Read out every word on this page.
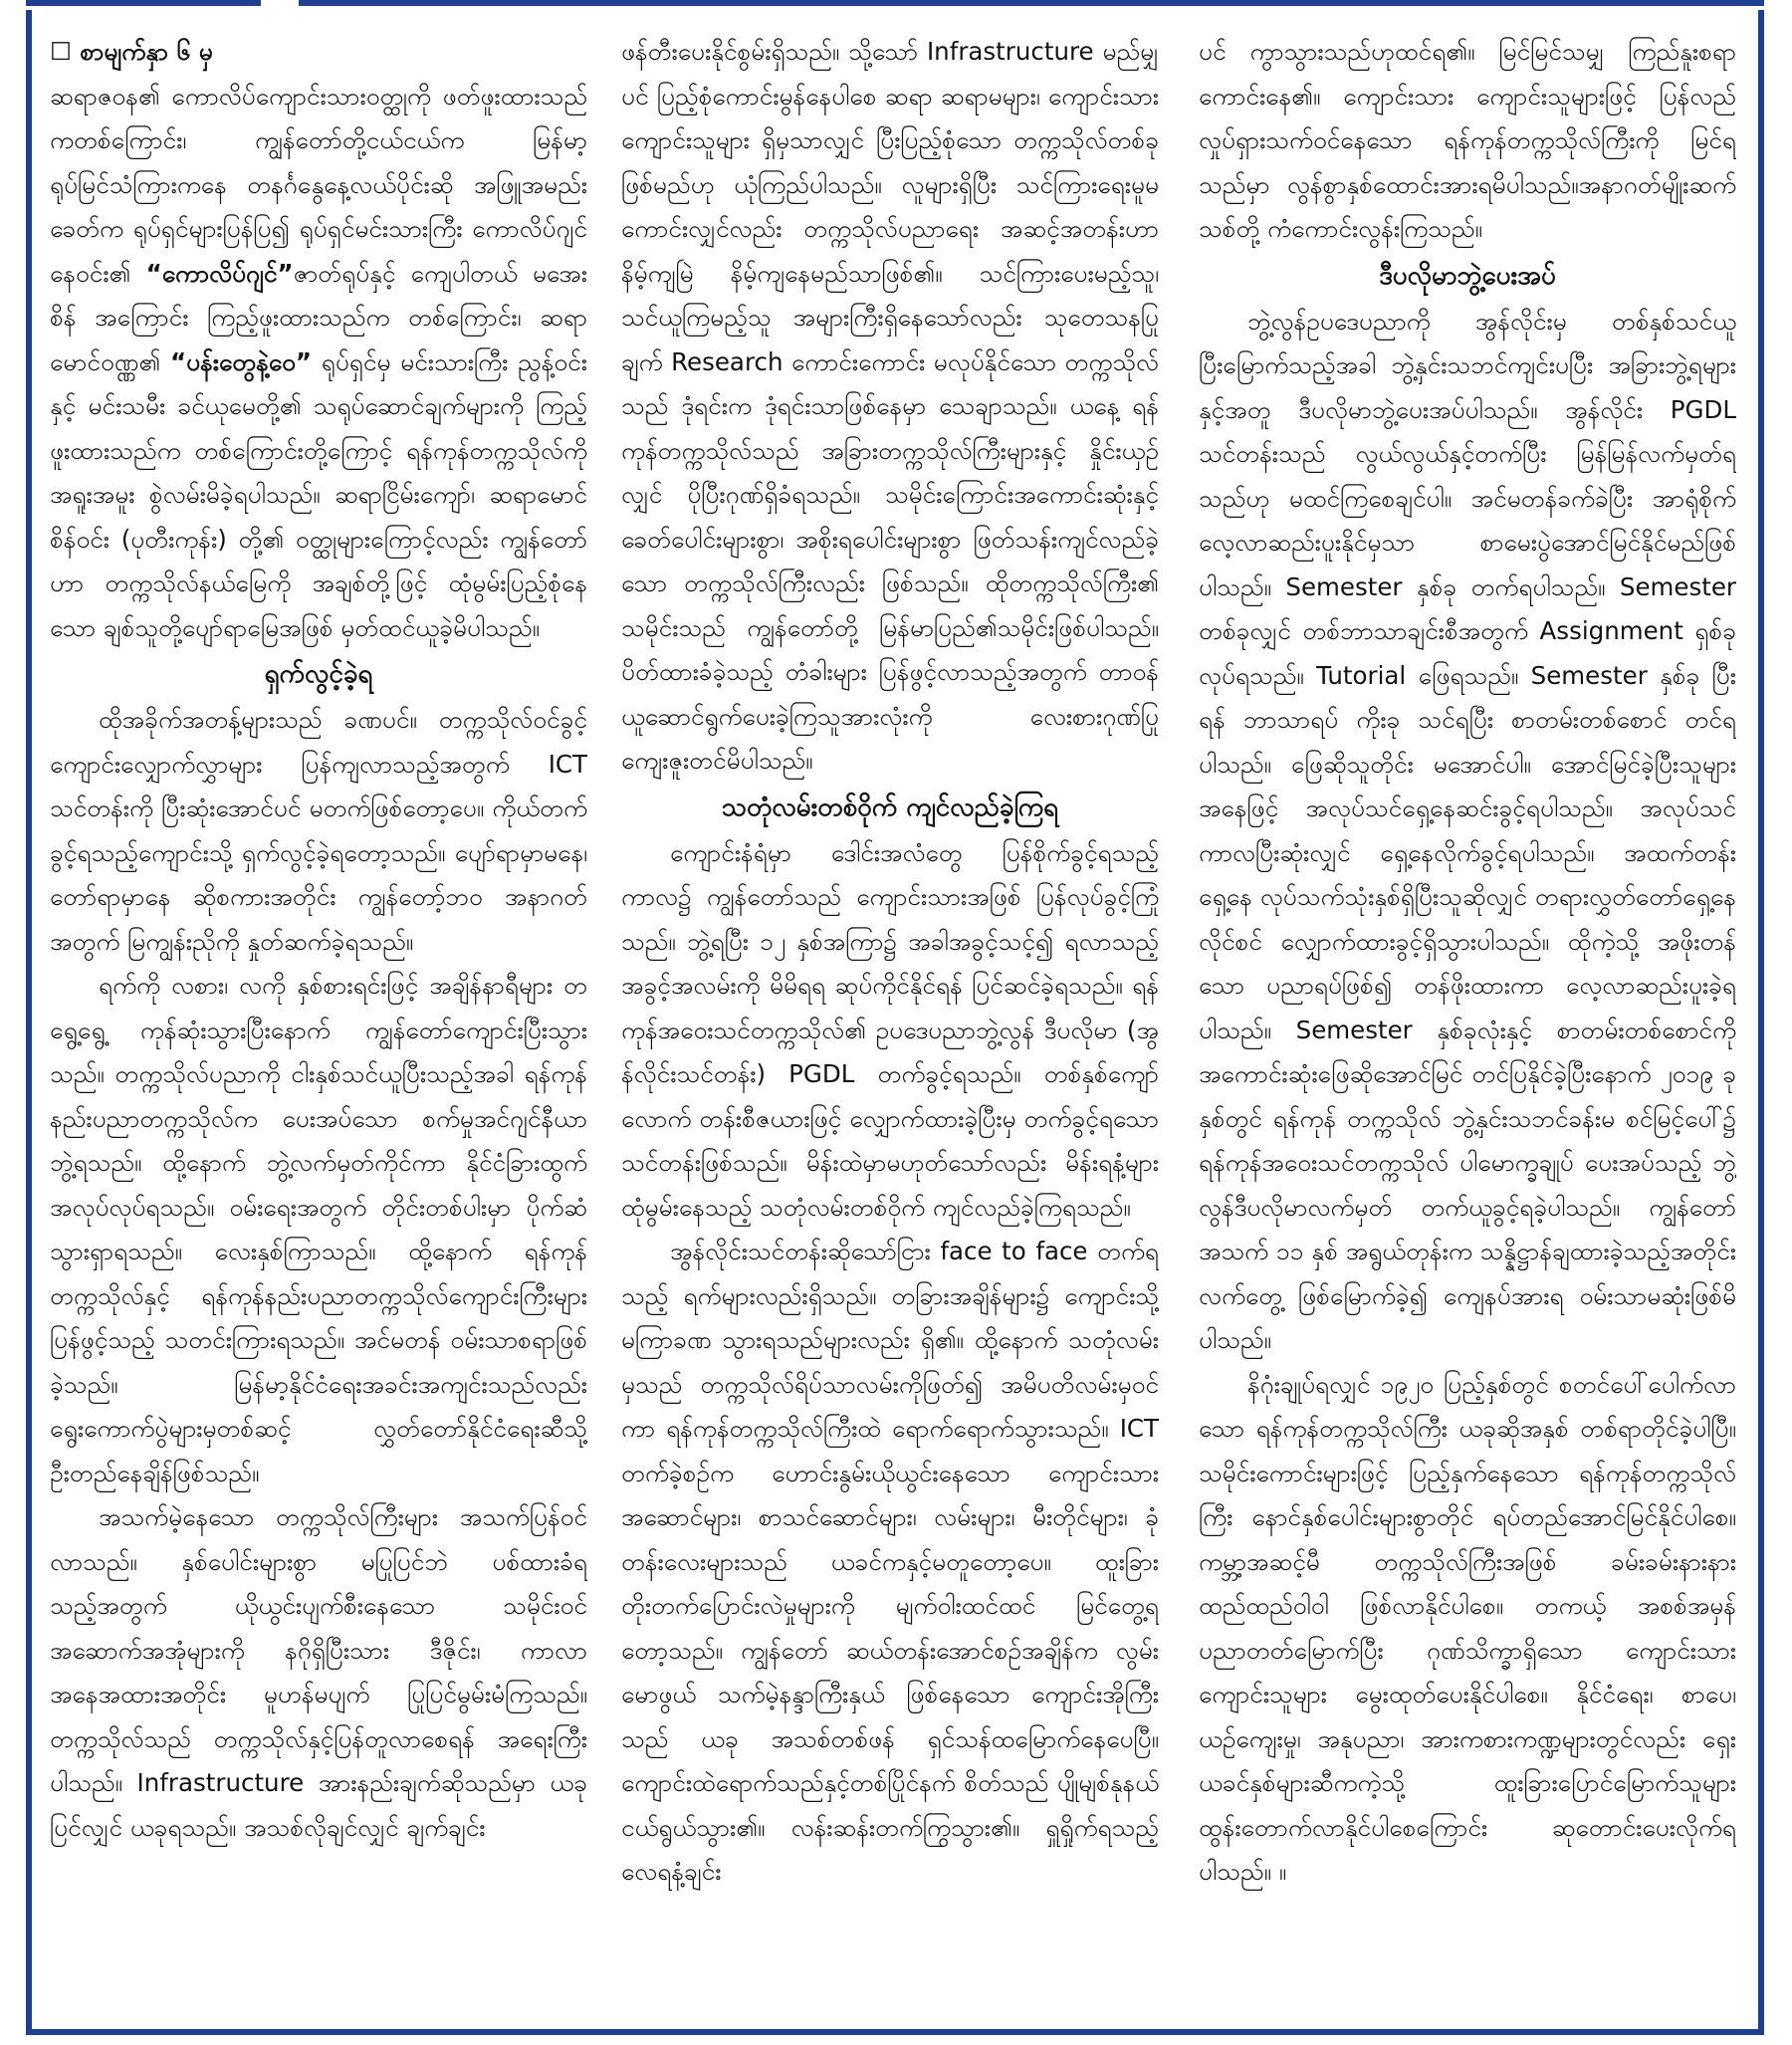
☐ စာမျက်နှာ ၆ မှ

ဆရာဇဝန၏ ကောလိပ်ကျောင်းသားဝတ္ထုကို ဖတ်ဖူးထားသည်ကတစ်ကြောင်း၊ ကျွန်တော်တို့ငယ်ငယ်က မြန်မာ့ရုပ်မြင်သံကြားကနေ တနင်္ဂနွေနေ့လယ်ပိုင်းဆို အဖြူအမည်း ခေတ်က ရုပ်ရှင်များပြန်ပြ၍ ရုပ်ရှင်မင်းသားကြီး ကောလိပ်ဂျင်နေဝင်း၏ “ကောလိပ်ဂျင်”ဇာတ်ရုပ်နှင့် ကျေပါတယ် မအေးစိန် အကြောင်း ကြည့်ဖူးထားသည်က တစ်ကြောင်း၊ ဆရာမောင်ဝဏ္ဏ၏ “ပန်းတွေနဲ့ဝေ” ရုပ်ရှင်မှ မင်းသားကြီး ညွန့်ဝင်းနှင့် မင်းသမီး ခင်ယုမေတို့၏ သရုပ်ဆောင်ချက်များကို ကြည့်ဖူးထားသည်က တစ်ကြောင်းတို့ကြောင့် ရန်ကုန်တက္ကသိုလ်ကို အရူးအမူး စွဲလမ်းမိခဲ့ရပါသည်။ ဆရာငြိမ်းကျော်၊ ဆရာမောင်စိန်ဝင်း (ပုတီးကုန်း) တို့၏ ဝတ္ထုများကြောင့်လည်း ကျွန်တော်ဟာ တက္ကသိုလ်နယ်မြေကို အချစ်တို့ဖြင့် ထုံမွမ်းပြည့်စုံနေသော ချစ်သူတို့ပျော်ရာမြေအဖြစ် မှတ်ထင်ယူခဲ့မိပါသည်။

ရှက်လွင့်ခဲ့ရ

ထိုအခိုက်အတန့်များသည် ခဏပင်။ တက္ကသိုလ်ဝင်ခွင့်ကျောင်းလျှောက်လွှာများ ပြန်ကျလာသည့်အတွက် ICT သင်တန်းကို ပြီးဆုံးအောင်ပင် မတက်ဖြစ်တော့ပေ။ ကိုယ်တက်ခွင့်ရသည့်ကျောင်းသို့ ရှက်လွင့်ခဲ့ရတော့သည်။ ပျော်ရာမှာမနေ၊ တော်ရာမှာနေ ဆိုစကားအတိုင်း ကျွန်တော့်ဘဝ အနာဂတ်အတွက် မြကျွန်းညိုကို နှုတ်ဆက်ခဲ့ရသည်။

ရက်ကို လစား၊ လကို နှစ်စားရင်းဖြင့် အချိန်နာရီများ တရွေ့ရွေ့ ကုန်ဆုံးသွားပြီးနောက် ကျွန်တော်ကျောင်းပြီးသွားသည်။ တက္ကသိုလ်ပညာကို ငါးနှစ်သင်ယူပြီးသည့်အခါ ရန်ကုန်နည်းပညာတက္ကသိုလ်က ပေးအပ်သော စက်မှုအင်ဂျင်နီယာဘွဲ့ရသည်။ ထို့နောက် ဘွဲ့လက်မှတ်ကိုင်ကာ နိုင်ငံခြားထွက် အလုပ်လုပ်ရသည်။ ဝမ်းရေးအတွက် တိုင်းတစ်ပါးမှာ ပိုက်ဆံသွားရှာရသည်။ လေးနှစ်ကြာသည်။ ထို့နောက် ရန်ကုန်တက္ကသိုလ်နှင့် ရန်ကုန်နည်းပညာတက္ကသိုလ်ကျောင်းကြီးများ ပြန်ဖွင့်သည့် သတင်းကြားရသည်။ အင်မတန် ဝမ်းသာစရာဖြစ်ခဲ့သည်။ မြန်မာ့နိုင်ငံရေးအခင်းအကျင်းသည်လည်း ရွေးကောက်ပွဲများမှတစ်ဆင့် လွှတ်တော်နိုင်ငံရေးဆီသို့ ဦးတည်နေချိန်ဖြစ်သည်။

အသက်မဲ့နေသော တက္ကသိုလ်ကြီးများ အသက်ပြန်ဝင်လာသည်။ နှစ်ပေါင်းများစွာ မပြုပြင်ဘဲ ပစ်ထားခံရသည့်အတွက် ယိုယွင်းပျက်စီးနေသော သမိုင်းဝင်အဆောက်အအုံများကို နဂိုရှိပြီးသား ဒီဇိုင်း၊ ကာလာအနေအထားအတိုင်း မူဟန်မပျက် ပြုပြင်မွမ်းမံကြသည်။ တက္ကသိုလ်သည် တက္ကသိုလ်နှင့်ပြန်တူလာစေရန် အရေးကြီးပါသည်။ Infrastructure အားနည်းချက်ဆိုသည်မှာ ယခုပြင်လျှင် ယခုရသည်။ အသစ်လိုချင်လျှင် ချက်ချင်း

ဖန်တီးပေးနိုင်စွမ်းရှိသည်။ သို့သော် Infrastructure မည်မျှပင် ပြည့်စုံကောင်းမွန်နေပါစေ ဆရာ ဆရာမများ၊ ကျောင်းသား ကျောင်းသူများ ရှိမှသာလျှင် ပြီးပြည့်စုံသော တက္ကသိုလ်တစ်ခု ဖြစ်မည်ဟု ယုံကြည်ပါသည်။ လူများရှိပြီး သင်ကြားရေးမူမကောင်းလျှင်လည်း တက္ကသိုလ်ပညာရေး အဆင့်အတန်းဟာ နိမ့်ကျမြဲ နိမ့်ကျနေမည်သာဖြစ်၏။ သင်ကြားပေးမည့်သူ၊ သင်ယူကြမည့်သူ အများကြီးရှိနေသော်လည်း သုတေသနပြုချက် Research ကောင်းကောင်း မလုပ်နိုင်သော တက္ကသိုလ်သည် ဒုံရင်းက ဒုံရင်းသာဖြစ်နေမှာ သေချာသည်။ ယနေ့ ရန်ကုန်တက္ကသိုလ်သည် အခြားတက္ကသိုလ်ကြီးများနှင့် နှိုင်းယှဉ်လျှင် ပိုပြီးဂုဏ်ရှိခံရသည်။ သမိုင်းကြောင်းအကောင်းဆုံးနှင့် ခေတ်ပေါင်းများစွာ၊ အစိုးရပေါင်းများစွာ ဖြတ်သန်းကျင်လည်ခဲ့သော တက္ကသိုလ်ကြီးလည်း ဖြစ်သည်။ ထိုတက္ကသိုလ်ကြီး၏ သမိုင်းသည် ကျွန်တော်တို့ မြန်မာပြည်၏သမိုင်းဖြစ်ပါသည်။ ပိတ်ထားခံခဲ့သည့် တံခါးများ ပြန်ဖွင့်လာသည့်အတွက် တာဝန်ယူဆောင်ရွက်ပေးခဲ့ကြသူအားလုံးကို လေးစားဂုဏ်ပြု ကျေးဇူးတင်မိပါသည်။

သတုံလမ်းတစ်ဝိုက် ကျင်လည်ခဲ့ကြရ

ကျောင်းနံရံမှာ ဒေါင်းအလံတွေ ပြန်စိုက်ခွင့်ရသည့် ကာလ၌ ကျွန်တော်သည် ကျောင်းသားအဖြစ် ပြန်လုပ်ခွင့်ကြုံသည်။ ဘွဲ့ရပြီး ၁၂ နှစ်အကြာ၌ အခါအခွင့်သင့်၍ ရလာသည့်အခွင့်အလမ်းကို မိမိရရ ဆုပ်ကိုင်နိုင်ရန် ပြင်ဆင်ခဲ့ရသည်။ ရန်ကုန်အဝေးသင်တက္ကသိုလ်၏ ဥပဒေပညာဘွဲ့လွန် ဒီပလိုမာ (အွန်လိုင်းသင်တန်း) PGDL တက်ခွင့်ရသည်။ တစ်နှစ်ကျော်လောက် တန်းစီဇယားဖြင့် လျှောက်ထားခဲ့ပြီးမှ တက်ခွင့်ရသော သင်တန်းဖြစ်သည်။ မိန်းထဲမှာမဟုတ်သော်လည်း မိန်းရနံ့များထုံမွမ်းနေသည့် သတုံလမ်းတစ်ဝိုက် ကျင်လည်ခဲ့ကြရသည်။

အွန်လိုင်းသင်တန်းဆိုသော်ငြား face to face တက်ရသည့် ရက်များလည်းရှိသည်။ တခြားအချိန်များ၌ ကျောင်းသို့မကြာခဏ သွားရသည်များလည်း ရှိ၏။ ထို့နောက် သတုံလမ်းမှသည် တက္ကသိုလ်ရိပ်သာလမ်းကိုဖြတ်၍ အမိပတိလမ်းမှဝင်ကာ ရန်ကုန်တက္ကသိုလ်ကြီးထဲ ရောက်ရောက်သွားသည်။ ICT တက်ခဲ့စဉ်က ဟောင်းနွမ်းယိုယွင်းနေသော ကျောင်းသားအဆောင်များ၊ စာသင်ဆောင်များ၊ လမ်းများ၊ မီးတိုင်များ၊ ခုံတန်းလေးများသည် ယခင်ကနှင့်မတူတော့ပေ။ ထူးခြားတိုးတက်ပြောင်းလဲမှုများကို မျက်ဝါးထင်ထင် မြင်တွေ့ရတော့သည်။ ကျွန်တော် ဆယ်တန်းအောင်စဉ်အချိန်က လွမ်းမောဖွယ် သက်မဲ့နန္ဒာကြီးနှယ် ဖြစ်နေသော ကျောင်းအိုကြီးသည် ယခု အသစ်တစ်ဖန် ရှင်သန်ထမြောက်နေပေပြီ။ ကျောင်းထဲရောက်သည်နှင့်တစ်ပြိုင်နက် စိတ်သည် ပျိုမျစ်နုနယ် ငယ်ရွယ်သွား၏။ လန်းဆန်းတက်ကြွသွား၏။ ရှူရှိုက်ရသည့် လေရနံ့ချင်း

ပင် ကွာသွားသည်ဟုထင်ရ၏။ မြင်မြင်သမျှ ကြည်နူးစရာကောင်းနေ၏။ ကျောင်းသား ကျောင်းသူများဖြင့် ပြန်လည်လှုပ်ရှားသက်ဝင်နေသော ရန်ကုန်တက္ကသိုလ်ကြီးကို မြင်ရသည်မှာ လွန်စွာနှစ်ထောင်းအားရမိပါသည်။အနာဂတ်မျိုးဆက်သစ်တို့ ကံကောင်းလွန်းကြသည်။

ဒီပလိုမာဘွဲ့ပေးအပ်

ဘွဲ့လွန်ဥပဒေပညာကို အွန်လိုင်းမှ တစ်နှစ်သင်ယူပြီးမြောက်သည့်အခါ ဘွဲ့နှင်းသဘင်ကျင်းပပြီး အခြားဘွဲ့ရများနှင့်အတူ ဒီပလိုမာဘွဲ့ပေးအပ်ပါသည်။ အွန်လိုင်း PGDL သင်တန်းသည် လွယ်လွယ်နှင့်တက်ပြီး မြန်မြန်လက်မှတ်ရသည်ဟု မထင်ကြစေချင်ပါ။ အင်မတန်ခက်ခဲပြီး အာရုံစိုက် လေ့လာဆည်းပူးနိုင်မှသာ စာမေးပွဲအောင်မြင်နိုင်မည်ဖြစ်ပါသည်။ Semester နှစ်ခု တက်ရပါသည်။ Semester တစ်ခုလျှင် တစ်ဘာသာချင်းစီအတွက် Assignment ရှစ်ခု လုပ်ရသည်။ Tutorial ဖြေရသည်။ Semester နှစ်ခု ပြီးရန် ဘာသာရပ် ကိုးခု သင်ရပြီး စာတမ်းတစ်စောင် တင်ရပါသည်။ ဖြေဆိုသူတိုင်း မအောင်ပါ။ အောင်မြင်ခဲ့ပြီးသူများအနေဖြင့် အလုပ်သင်ရှေ့နေဆင်းခွင့်ရပါသည်။ အလုပ်သင်ကာလပြီးဆုံးလျှင် ရှေ့နေလိုက်ခွင့်ရပါသည်။ အထက်တန်းရှေ့နေ လုပ်သက်သုံးနှစ်ရှိပြီးသူဆိုလျှင် တရားလွှတ်တော်ရှေ့နေလိုင်စင် လျှောက်ထားခွင့်ရှိသွားပါသည်။ ထိုကဲ့သို့ အဖိုးတန်သော ပညာရပ်ဖြစ်၍ တန်ဖိုးထားကာ လေ့လာဆည်းပူးခဲ့ရပါသည်။ Semester နှစ်ခုလုံးနှင့် စာတမ်းတစ်စောင်ကို အကောင်းဆုံးဖြေဆိုအောင်မြင် တင်ပြနိုင်ခဲ့ပြီးနောက် ၂၀၁၉ ခုနှစ်တွင် ရန်ကုန် တက္ကသိုလ် ဘွဲ့နှင်းသဘင်ခန်းမ စင်မြင့်ပေါ်၌ ရန်ကုန်အဝေးသင်တက္ကသိုလ် ပါမောက္ခချုပ် ပေးအပ်သည့် ဘွဲ့လွန်ဒီပလိုမာလက်မှတ် တက်ယူခွင့်ရခဲ့ပါသည်။ ကျွန်တော် အသက် ၁၁ နှစ် အရွယ်တုန်းက သန္နိဋ္ဌာန်ချထားခဲ့သည့်အတိုင်း လက်တွေ့ ဖြစ်မြောက်ခဲ့၍ ကျေနပ်အားရ ဝမ်းသာမဆုံးဖြစ်မိပါသည်။

နိဂုံးချုပ်ရလျှင် ၁၉၂၀ ပြည့်နှစ်တွင် စတင်ပေါ်ပေါက်လာသော ရန်ကုန်တက္ကသိုလ်ကြီး ယခုဆိုအနှစ် တစ်ရာတိုင်ခဲ့ပါပြီ။ သမိုင်းကောင်းများဖြင့် ပြည့်နှက်နေသော ရန်ကုန်တက္ကသိုလ်ကြီး နောင်နှစ်ပေါင်းများစွာတိုင် ရပ်တည်အောင်မြင်နိုင်ပါစေ။ ကမ္ဘာ့အဆင့်မီ တက္ကသိုလ်ကြီးအဖြစ် ခမ်းခမ်းနားနားထည်ထည်ဝါဝါ ဖြစ်လာနိုင်ပါစေ။ တကယ့် အစစ်အမှန် ပညာတတ်မြောက်ပြီး ဂုဏ်သိက္ခာရှိသော ကျောင်းသားကျောင်းသူများ မွေးထုတ်ပေးနိုင်ပါစေ။ နိုင်ငံရေး၊ စာပေ၊ ယဉ်ကျေးမှု၊ အနုပညာ၊ အားကစားကဏ္ဍများတွင်လည်း ရှေးယခင်နှစ်များဆီကကဲ့သို့ ထူးခြားပြောင်မြောက်သူများ ထွန်းတောက်လာနိုင်ပါစေကြောင်း ဆုတောင်းပေးလိုက်ရပါသည်။ ။
